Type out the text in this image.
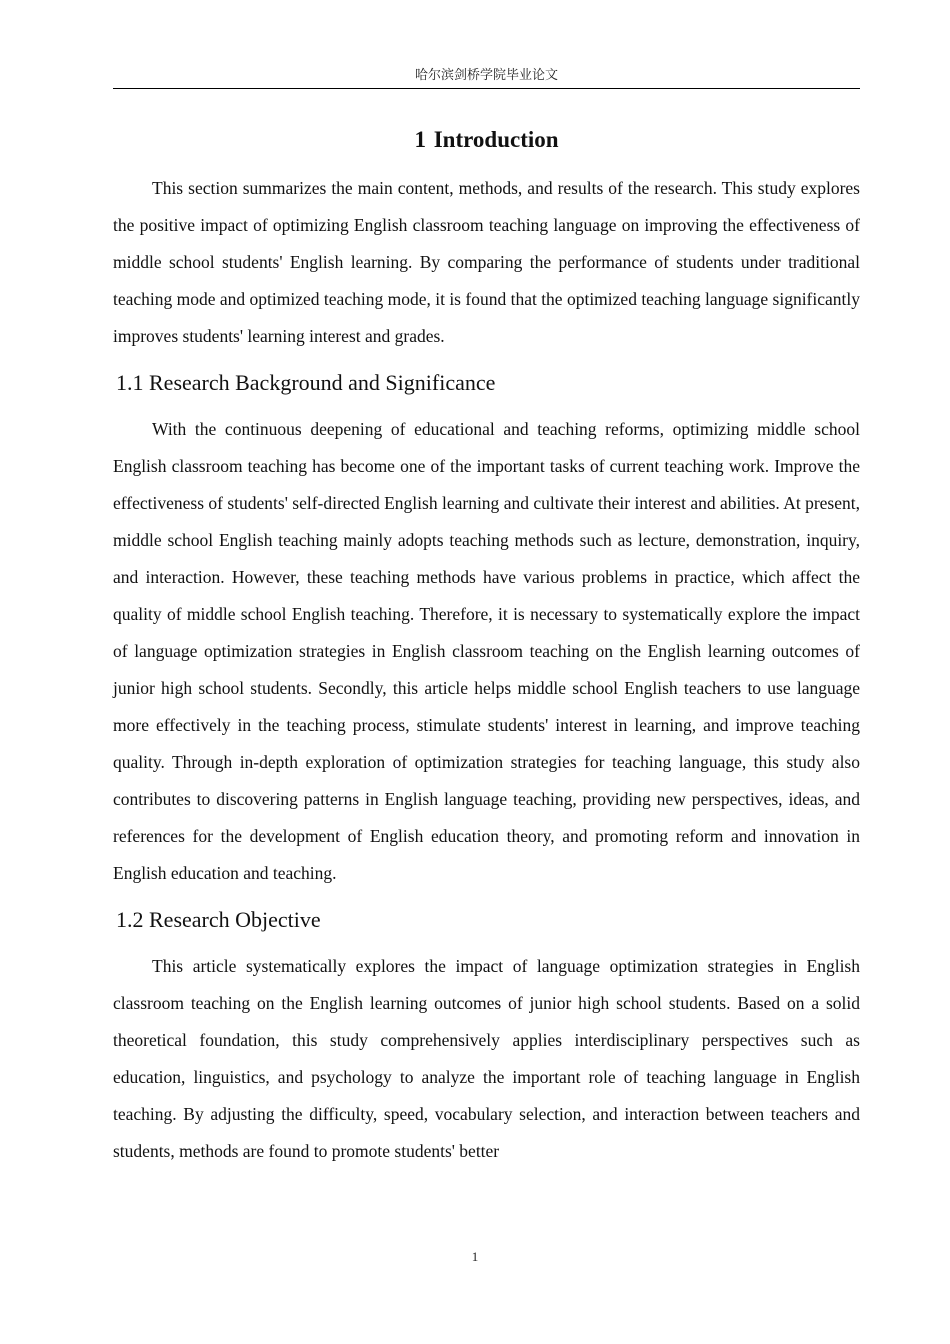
哈尔滨剑桥学院毕业论文
1 Introduction

This section summarizes the main content, methods, and results of the research. This study explores the positive impact of optimizing English classroom teaching language on improving the effectiveness of middle school students' English learning. By comparing the performance of students under traditional teaching mode and optimized teaching mode, it is found that the optimized teaching language significantly improves students' learning interest and grades.

1.1 Research Background and Significance

With the continuous deepening of educational and teaching reforms, optimizing middle school English classroom teaching has become one of the important tasks of current teaching work. Improve the effectiveness of students' self-directed English learning and cultivate their interest and abilities. At present, middle school English teaching mainly adopts teaching methods such as lecture, demonstration, inquiry, and interaction. However, these teaching methods have various problems in practice, which affect the quality of middle school English teaching. Therefore, it is necessary to systematically explore the impact of language optimization strategies in English classroom teaching on the English learning outcomes of junior high school students. Secondly, this article helps middle school English teachers to use language more effectively in the teaching process, stimulate students' interest in learning, and improve teaching quality. Through in-depth exploration of optimization strategies for teaching language, this study also contributes to discovering patterns in English language teaching, providing new perspectives, ideas, and references for the development of English education theory, and promoting reform and innovation in English education and teaching.

1.2 Research Objective

This article systematically explores the impact of language optimization strategies in English classroom teaching on the English learning outcomes of junior high school students. Based on a solid theoretical foundation, this study comprehensively applies interdisciplinary perspectives such as education, linguistics, and psychology to analyze the important role of teaching language in English teaching. By adjusting the difficulty, speed, vocabulary selection, and interaction between teachers and students, methods are found to promote students' better

1
